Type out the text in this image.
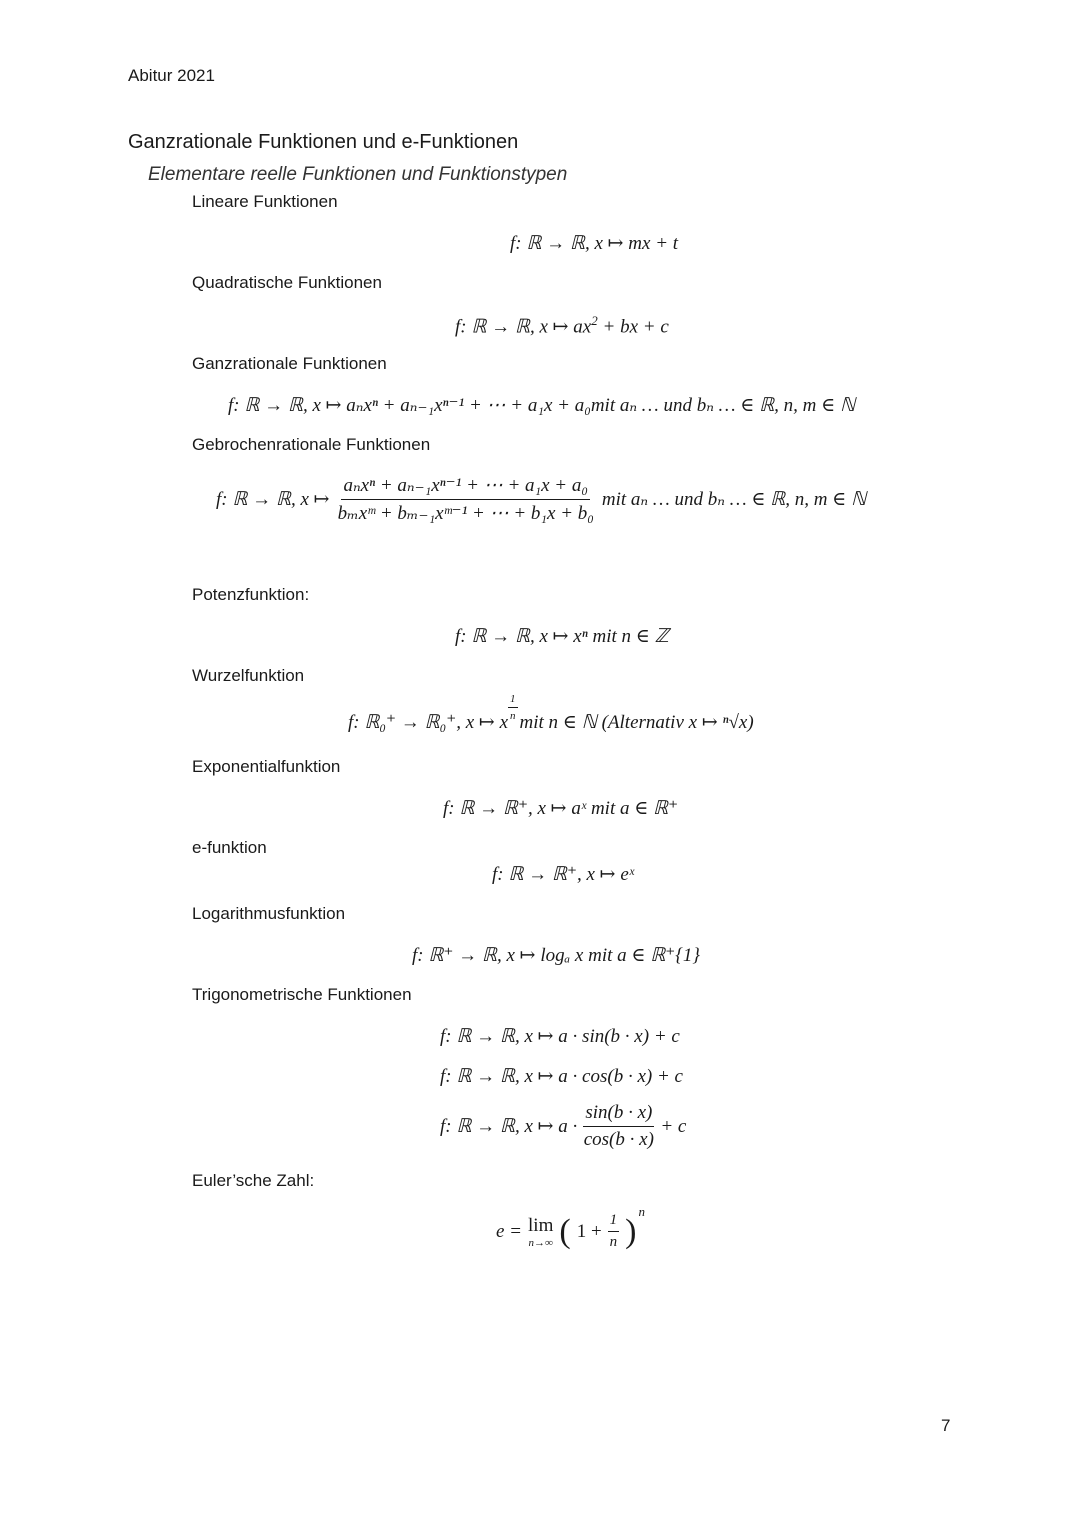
Abitur 2021
Ganzrationale Funktionen und e-Funktionen
Elementare reelle Funktionen und Funktionstypen
Lineare Funktionen
f: ℝ → ℝ, x ↦ mx + t
Quadratische Funktionen
f: ℝ → ℝ, x ↦ $ax^2$ + bx + c
Ganzrationale Funktionen
f: ℝ → ℝ, x ↦ aₙxⁿ + aₙ₋₁xⁿ⁻¹ + ⋯ + a₁x + a₀mit aₙ … und bₙ … ∈ ℝ, n, m ∈ ℕ
Gebrochenrationale Funktionen
f: ℝ → ℝ, x ↦ $\frac{\text{aₙxⁿ + aₙ₋₁xⁿ⁻¹ + ⋯ + a₁x + a₀}}{\text{bₘxᵐ + bₘ₋₁xᵐ⁻¹ + ⋯ + b₁x + b₀}}$ mit aₙ … und bₙ … ∈ ℝ, n, m ∈ ℕ
Potenzfunktion:
f: ℝ → ℝ, x ↦ xⁿ mit n ∈ ℤ
Wurzelfunktion
f: ℝ₀⁺ → ℝ₀⁺, x ↦ x
$\frac{1}{n}$
mit n ∈ ℕ (Alternativ x ↦ ⁿ√x)
Exponentialfunktion
f: ℝ → ℝ⁺, x ↦ aˣ mit a ∈ ℝ⁺
e-funktion
f: ℝ → ℝ⁺, x ↦ eˣ
Logarithmusfunktion
f: ℝ⁺ → ℝ, x ↦ logₐ x mit a ∈ ℝ⁺{1}
Trigonometrische Funktionen
f: ℝ → ℝ, x ↦ a · sin(b · x) + c
f: ℝ → ℝ, x ↦ a · cos(b · x) + c
f: ℝ → ℝ, x ↦ $a \cdot \frac{\sin(b \cdot x)}{\cos(b \cdot x)} + c$
Euler’sche Zahl:
e = lim
n→∞ ( $1 + \frac{1}{n}$ )
n
7
